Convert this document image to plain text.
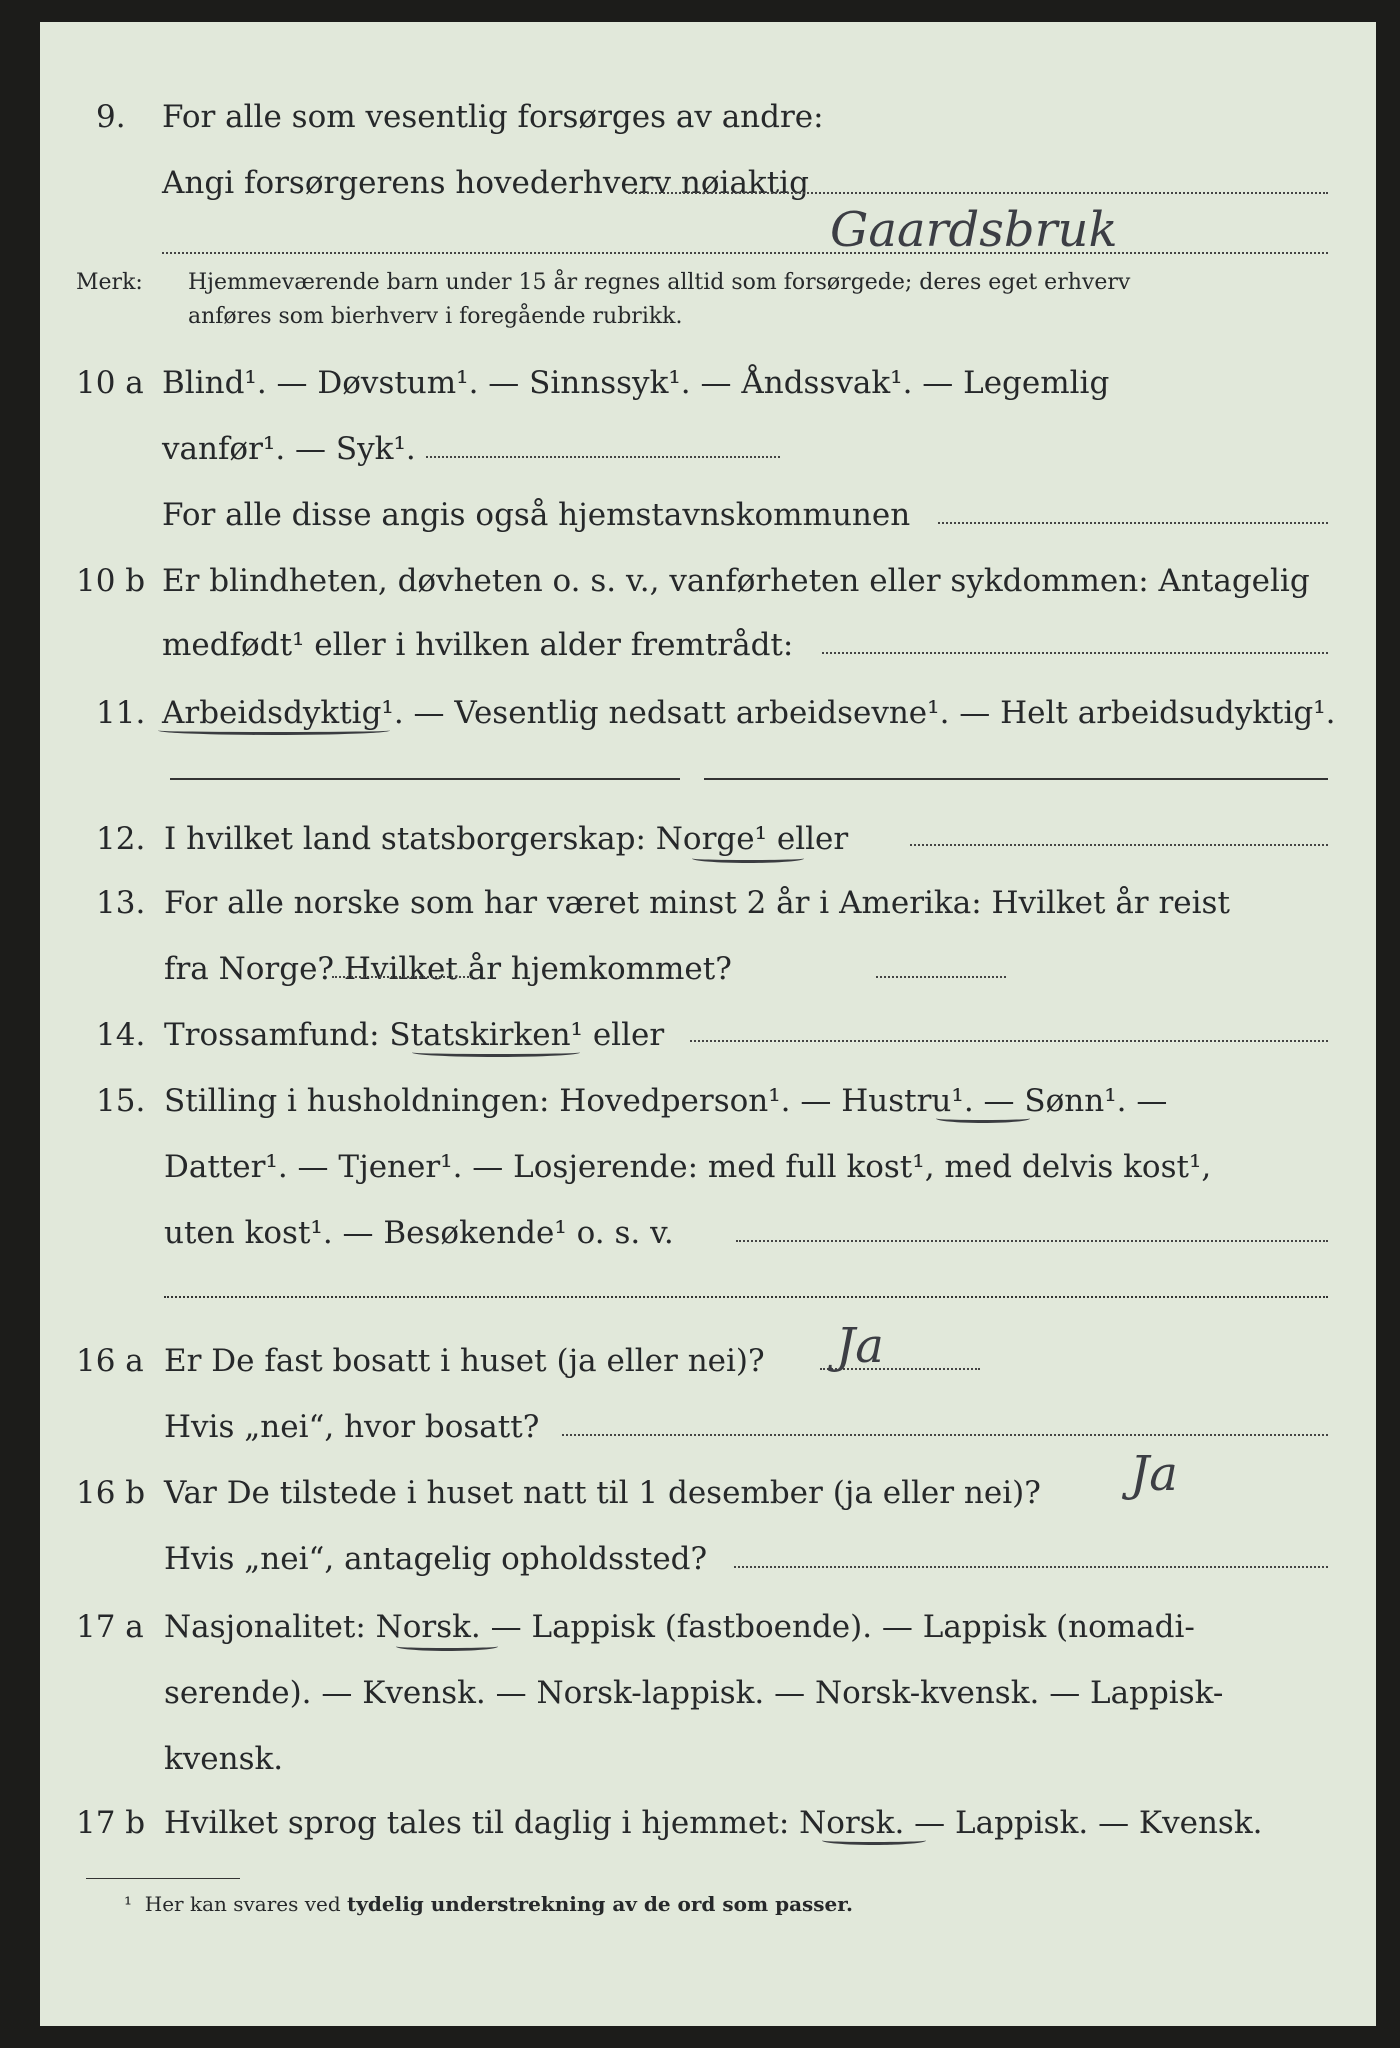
9. For alle som vesentlig forsørges av andre:
Angi forsørgerens hovederhverv nøiaktig
Gaardsbruk
Merk: Hjemmeværende barn under 15 år regnes alltid som forsørgede; deres eget erhverv
anføres som bierhverv i foregående rubrikk.
10 a Blind¹. — Døvstum¹. — Sinnssyk¹. — Åndssvak¹. — Legemlig
vanfør¹. — Syk¹.
For alle disse angis også hjemstavnskommunen
10 b Er blindheten, døvheten o. s. v., vanførheten eller sykdommen: Antagelig
medfødt¹ eller i hvilken alder fremtrådt:
11. Arbeidsdyktig¹. — Vesentlig nedsatt arbeidsevne¹. — Helt arbeidsudyktig¹.
12. I hvilket land statsborgerskap: Norge¹ eller
13. For alle norske som har været minst 2 år i Amerika: Hvilket år reist
fra Norge? Hvilket år hjemkommet?
14. Trossamfund: Statskirken¹ eller
15. Stilling i husholdningen: Hovedperson¹. — Hustru¹. — Sønn¹. —
Datter¹. — Tjener¹. — Losjerende: med full kost¹, med delvis kost¹,
uten kost¹. — Besøkende¹ o. s. v.
16 a Er De fast bosatt i huset (ja eller nei)? Ja
Hvis „nei“, hvor bosatt?
16 b Var De tilstede i huset natt til 1 desember (ja eller nei)? Ja
Hvis „nei“, antagelig opholdssted?
17 a Nasjonalitet: Norsk. — Lappisk (fastboende). — Lappisk (nomadi-
serende). — Kvensk. — Norsk-lappisk. — Norsk-kvensk. — Lappisk-
kvensk.
17 b Hvilket sprog tales til daglig i hjemmet: Norsk. — Lappisk. — Kvensk.
¹ Her kan svares ved tydelig understrekning av de ord som passer.
